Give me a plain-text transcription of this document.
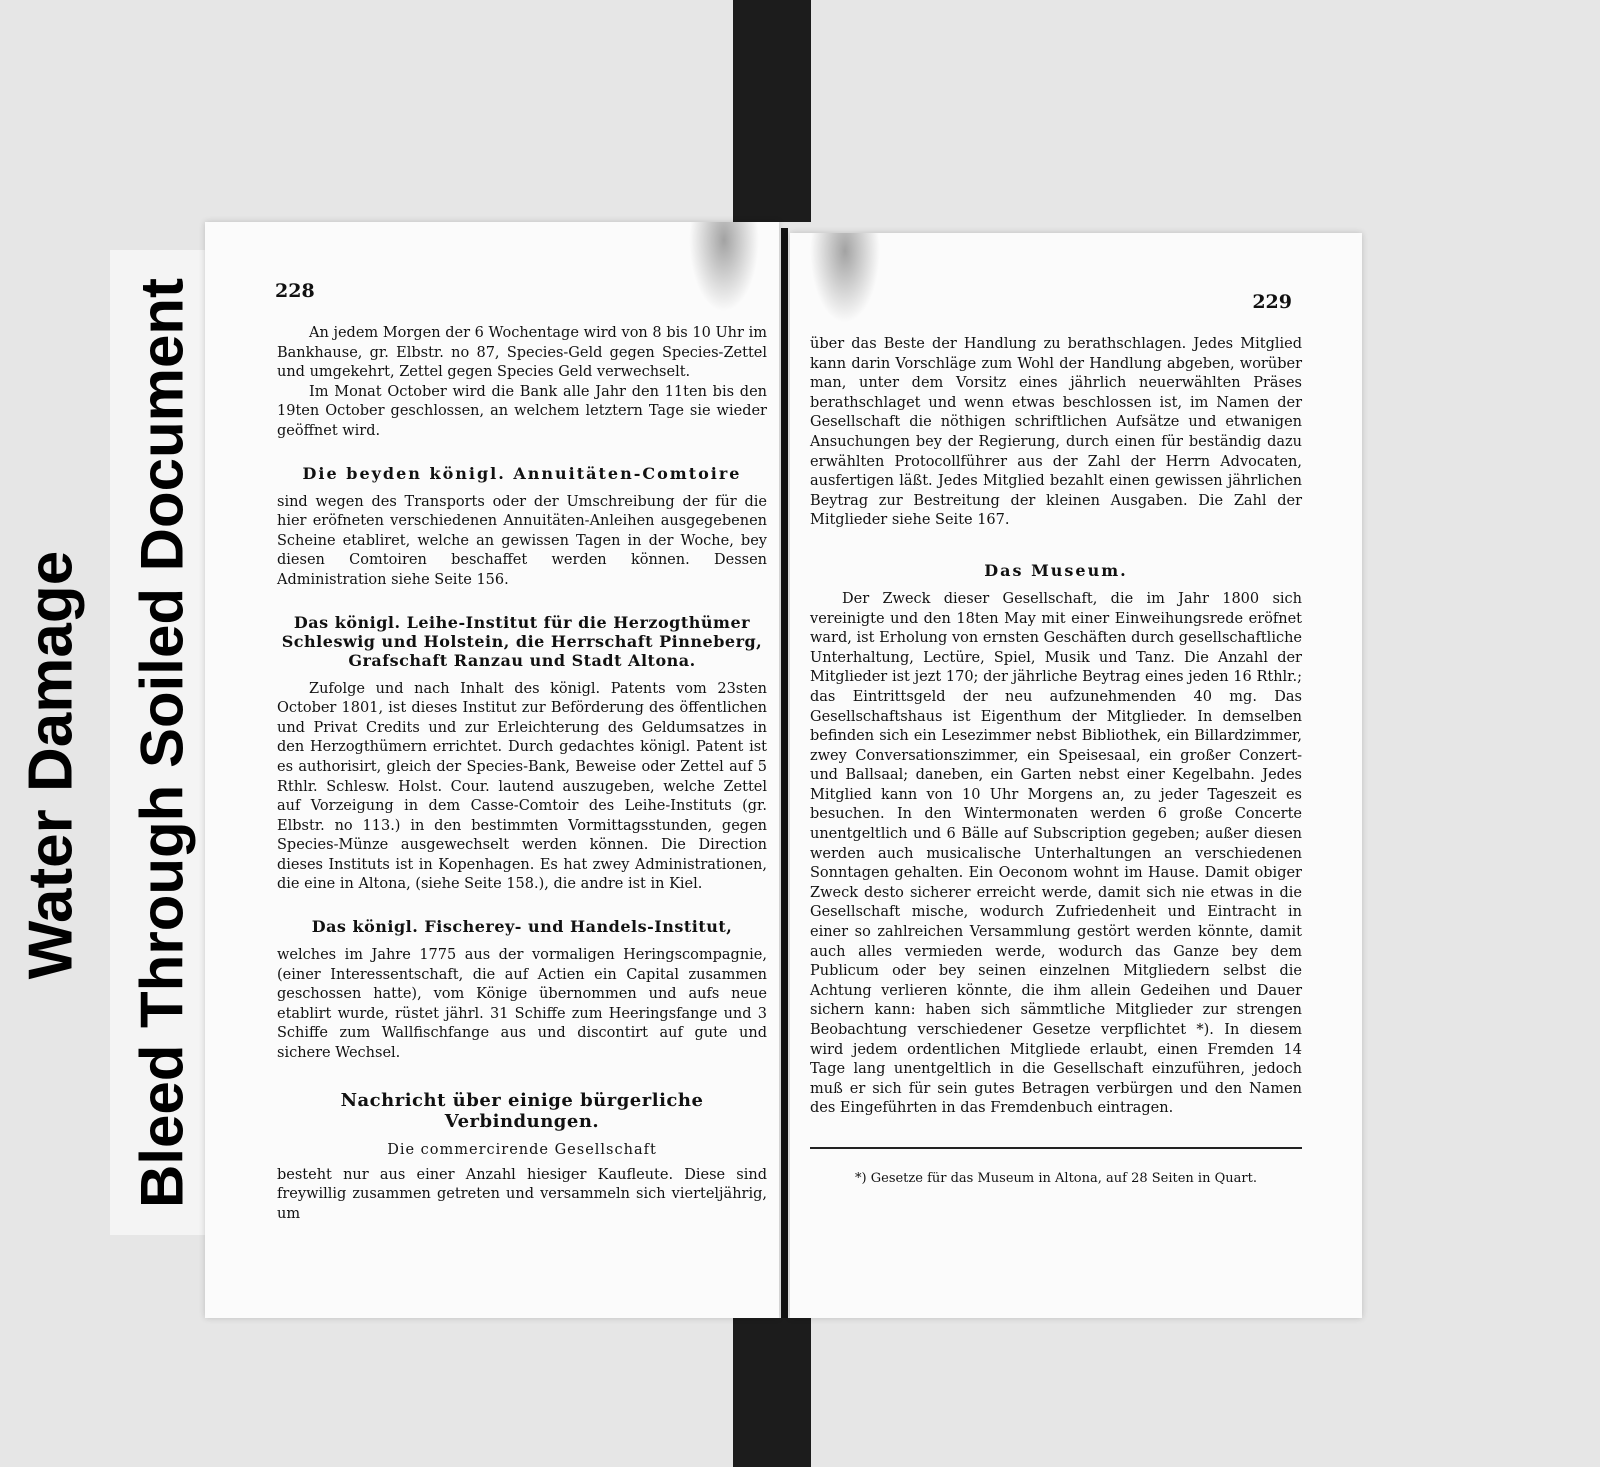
Water Damage Bleed Through Soiled Document	228

An jedem Morgen der 6 Wochentage wird von 8 bis 10 Uhr im Bankhause, gr. Elbstr. no 87, Species-Geld gegen Species-Zettel und umgekehrt, Zettel gegen Species Geld verwechselt.

Im Monat October wird die Bank alle Jahr den 11ten bis den 19ten October geschlossen, an welchem letztern Tage sie wieder geöffnet wird.

Die beyden königl. Annuitäten-Comtoire

sind wegen des Transports oder der Umschreibung der für die hier eröfneten verschiedenen Annuitäten-Anleihen ausgegebenen Scheine etabliret, welche an gewissen Tagen in der Woche, bey diesen Comtoiren beschaffet werden können. Dessen Administration siehe Seite 156.

Das königl. Leihe-Institut für die Herzogthümer Schleswig und Holstein, die Herrschaft Pinneberg, Grafschaft Ranzau und Stadt Altona.

Zufolge und nach Inhalt des königl. Patents vom 23sten October 1801, ist dieses Institut zur Beförderung des öffentlichen und Privat Credits und zur Erleichterung des Geldumsatzes in den Herzogthümern errichtet. Durch gedachtes königl. Patent ist es authorisirt, gleich der Species-Bank, Beweise oder Zettel auf 5 Rthlr. Schlesw. Holst. Cour. lautend auszugeben, welche Zettel auf Vorzeigung in dem Casse-Comtoir des Leihe-Instituts (gr. Elbstr. no 113.) in den bestimmten Vormittagsstunden, gegen Species-Münze ausgewechselt werden können. Die Direction dieses Instituts ist in Kopenhagen. Es hat zwey Administrationen, die eine in Altona, (siehe Seite 158.), die andre ist in Kiel.

Das königl. Fischerey- und Handels-Institut,

welches im Jahre 1775 aus der vormaligen Heringscompagnie, (einer Interessentschaft, die auf Actien ein Capital zusammen geschossen hatte), vom Könige übernommen und aufs neue etablirt wurde, rüstet jährl. 31 Schiffe zum Heeringsfange und 3 Schiffe zum Wallfischfange aus und discontirt auf gute und sichere Wechsel.

Nachricht über einige bürgerliche Verbindungen.
Die commercirende Gesellschaft

besteht nur aus einer Anzahl hiesiger Kaufleute. Diese sind freywillig zusammen getreten und versammeln sich vierteljährig, um

229

über das Beste der Handlung zu berathschlagen. Jedes Mitglied kann darin Vorschläge zum Wohl der Handlung abgeben, worüber man, unter dem Vorsitz eines jährlich neuerwählten Präses berathschlaget und wenn etwas beschlossen ist, im Namen der Gesellschaft die nöthigen schriftlichen Aufsätze und etwanigen Ansuchungen bey der Regierung, durch einen für beständig dazu erwählten Protocollführer aus der Zahl der Herrn Advocaten, ausfertigen läßt. Jedes Mitglied bezahlt einen gewissen jährlichen Beytrag zur Bestreitung der kleinen Ausgaben. Die Zahl der Mitglieder siehe Seite 167.

Das Museum.

Der Zweck dieser Gesellschaft, die im Jahr 1800 sich vereinigte und den 18ten May mit einer Einweihungsrede eröfnet ward, ist Erholung von ernsten Geschäften durch gesellschaftliche Unterhaltung, Lectüre, Spiel, Musik und Tanz. Die Anzahl der Mitglieder ist jezt 170; der jährliche Beytrag eines jeden 16 Rthlr.; das Eintrittsgeld der neu aufzunehmenden 40 mg. Das Gesellschaftshaus ist Eigenthum der Mitglieder. In demselben befinden sich ein Lesezimmer nebst Bibliothek, ein Billardzimmer, zwey Conversationszimmer, ein Speisesaal, ein großer Conzert- und Ballsaal; daneben, ein Garten nebst einer Kegelbahn. Jedes Mitglied kann von 10 Uhr Morgens an, zu jeder Tageszeit es besuchen. In den Wintermonaten werden 6 große Concerte unentgeltlich und 6 Bälle auf Subscription gegeben; außer diesen werden auch musicalische Unterhaltungen an verschiedenen Sonntagen gehalten. Ein Oeconom wohnt im Hause. Damit obiger Zweck desto sicherer erreicht werde, damit sich nie etwas in die Gesellschaft mische, wodurch Zufriedenheit und Eintracht in einer so zahlreichen Versammlung gestört werden könnte, damit auch alles vermieden werde, wodurch das Ganze bey dem Publicum oder bey seinen einzelnen Mitgliedern selbst die Achtung verlieren könnte, die ihm allein Gedeihen und Dauer sichern kann: haben sich sämmtliche Mitglieder zur strengen Beobachtung verschiedener Gesetze verpflichtet *). In diesem wird jedem ordentlichen Mitgliede erlaubt, einen Fremden 14 Tage lang unentgeltlich in die Gesellschaft einzuführen, jedoch muß er sich für sein gutes Betragen verbürgen und den Namen des Eingeführten in das Fremdenbuch eintragen.

*) Gesetze für das Museum in Altona, auf 28 Seiten in Quart.
